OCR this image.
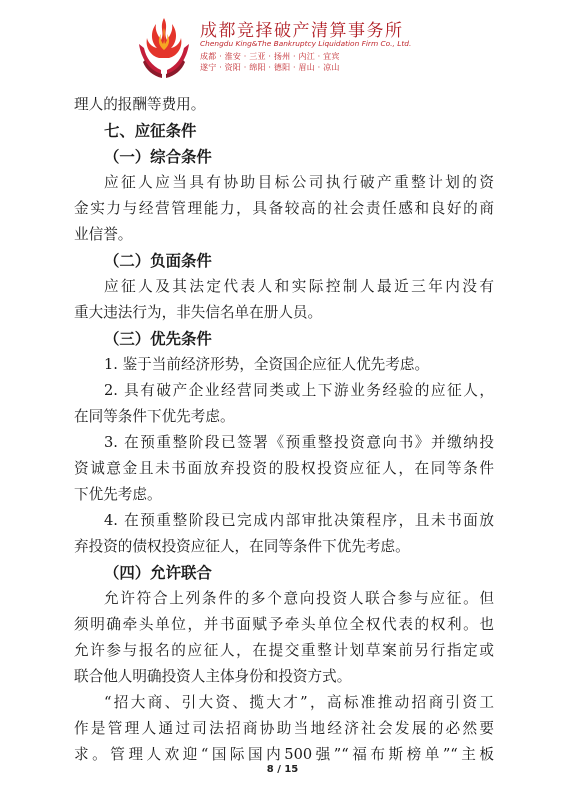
成都竞择破产清算事务所
Chengdu King&The Bankruptcy Liquidation Firm Co., Ltd.
成都 · 淮安 · 三亚 · 扬州 · 内江 · 宜宾
遂宁 · 资阳 · 绵阳 · 德阳 · 眉山 · 凉山
理人的报酬等费用。
七、应征条件
（一）综合条件
应征人应当具有协助目标公司执行破产重整计划的资
金实力与经营管理能力，具备较高的社会责任感和良好的商
业信誉。
（二）负面条件
应征人及其法定代表人和实际控制人最近三年内没有
重大违法行为，非失信名单在册人员。
（三）优先条件
1. 鉴于当前经济形势，全资国企应征人优先考虑。
2. 具有破产企业经营同类或上下游业务经验的应征人，
在同等条件下优先考虑。
3. 在预重整阶段已签署《预重整投资意向书》并缴纳投
资诚意金且未书面放弃投资的股权投资应征人，在同等条件
下优先考虑。
4. 在预重整阶段已完成内部审批决策程序，且未书面放
弃投资的债权投资应征人，在同等条件下优先考虑。
（四）允许联合
允许符合上列条件的多个意向投资人联合参与应征。但
须明确牵头单位，并书面赋予牵头单位全权代表的权利。也
允许参与报名的应征人，在提交重整计划草案前另行指定或
联合他人明确投资人主体身份和投资方式。
“招大商、引大资、揽大才”，高标准推动招商引资工
作是管理人通过司法招商协助当地经济社会发展的必然要
求。管理人欢迎“国际国内500强”“福布斯榜单”“主板
8 / 15
